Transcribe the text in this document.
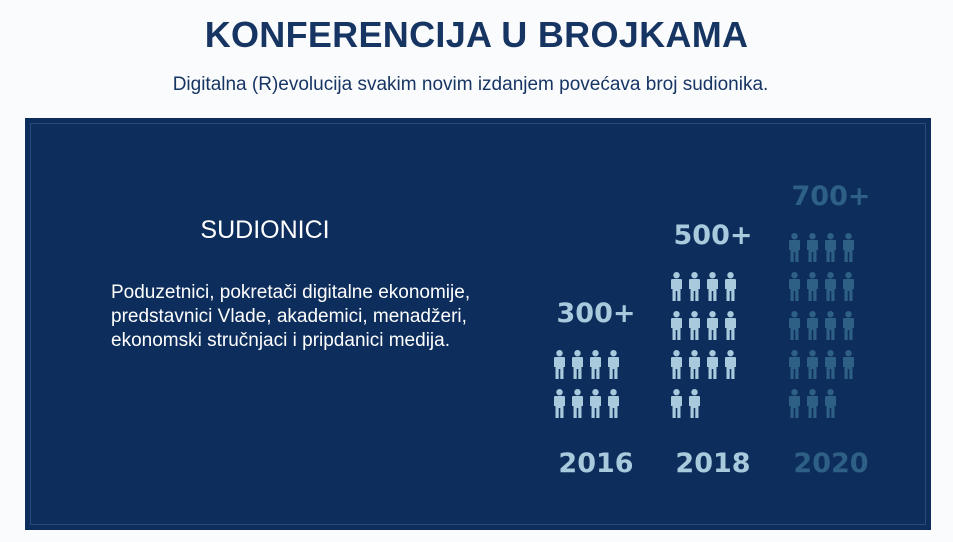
KONFERENCIJA U BROJKAMA
Digitalna (R)evolucija svakim novim izdanjem povećava broj sudionika.
SUDIONICI
Poduzetnici, pokretači digitalne ekonomije, predstavnici Vlade, akademici, menadžeri, ekonomski stručnjaci i pripdanici medija.
300+
2016
500+
2018
700+
2020
